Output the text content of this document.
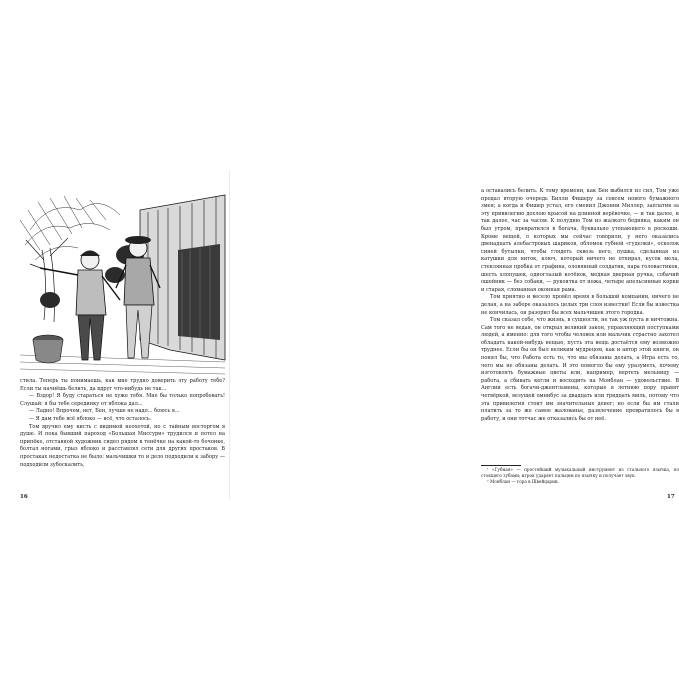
стила. Теперь ты понимаешь, как мне трудно доверить эту работу тебе? Если ты начнёшь белить, да вдруг что-нибудь не так...

— Вздор! Я буду стараться не хуже тебя. Мне бы только попробовать! Слушай: я бы тебе серединку от яблока дал...

— Ладно! Впрочем, нет, Бен, лучше не надо... боюсь я...

— Я дам тебе всё яблоко — всё, что осталось.

Том вручил ему кисть с видимой неохотой, но с тайным восторгом в душе. И пока бывший пароход «Большая Миссури» трудился и потел на припёке, отставной художник сидел рядом в тенёчке на какой-то бочонке, болтал ногами, грыз яблоко и расставлял сети для других простаков. В простаках недостатка не было: мальчишки то и дело подходили к забору — подходили зубоскалить,

16

а оставались белить. К тому времени, как Бен выбился из сил, Том уже продал вторую очередь Билли Фишеру за совсем нового бумажного змея; а когда и Фишер устал, его сменил Джонни Миллер, заплатив за эту привилегию дохлою крысой на длинной верёвочке, — и так далее, и так далее, час за часом. К полудню Том из жалкого бедняка, каким он был утром, превратился в богача, буквально утопающего в роскоши. Кроме вещей, о которых мы сейчас говорили, у него оказались двенадцать алебастровых шариков, обломок губной «гуделки», осколок синей бутылки, чтобы глядеть сквозь него, пушка, сделанная из катушки для ниток, ключ, который ничего не отпирал, кусок мела, стеклянная пробка от графина, оловянный солдатик, пара головастиков, шесть хлопушек, одноглазый котёнок, медная дверная ручка, собачий ошейник — без собаки, — рукоятка от ножа, четыре апельсинные корки и старая, сломанная оконная рама.

Том приятно и весело провёл время в большой компании, ничего не делая, а на заборе оказалось целых три слоя известки! Если бы известка не кончилась, он разорил бы всех мальчишек этого городка.

Том сказал себе, что жизнь, в сущности, не так уж пуста и ничтожна. Сам того не ведая, он открыл великий закон, управляющий поступками людей, а именно: для того чтобы человек или мальчик страстно захотел обладать какой-нибудь вещью, пусть эта вещь достаётся ему возможно труднее. Если бы он был великим мудрецом, как и автор этой книги, он понял бы, что Работа есть то, что мы обязаны делать, а Игра есть то, чего мы не обязаны делать. И это помогло бы ему уразуметь, почему изготовлять бумажные цветы или, например, вертеть мельницу — работа, а сбивать кегли и восходить на Монблан — удовольствие. В Англии есть богачи-джентльмены, которые в летнюю пору правят четвёркой, везущей омнибус за двадцать или тридцать миль, потому что эта привилегия стоит им значительных денег; но если бы им стали платить за то же самое жалованье, развлечение превратилось бы в работу, и они тотчас же отказались бы от неё.

¹ «Губная» — простейший музыкальный инструмент из стального язычка, по стоящего зубами; игрок ударяет пальцем по язычку и получает звук.

² Монблан — гора в Швейцарии.

17
